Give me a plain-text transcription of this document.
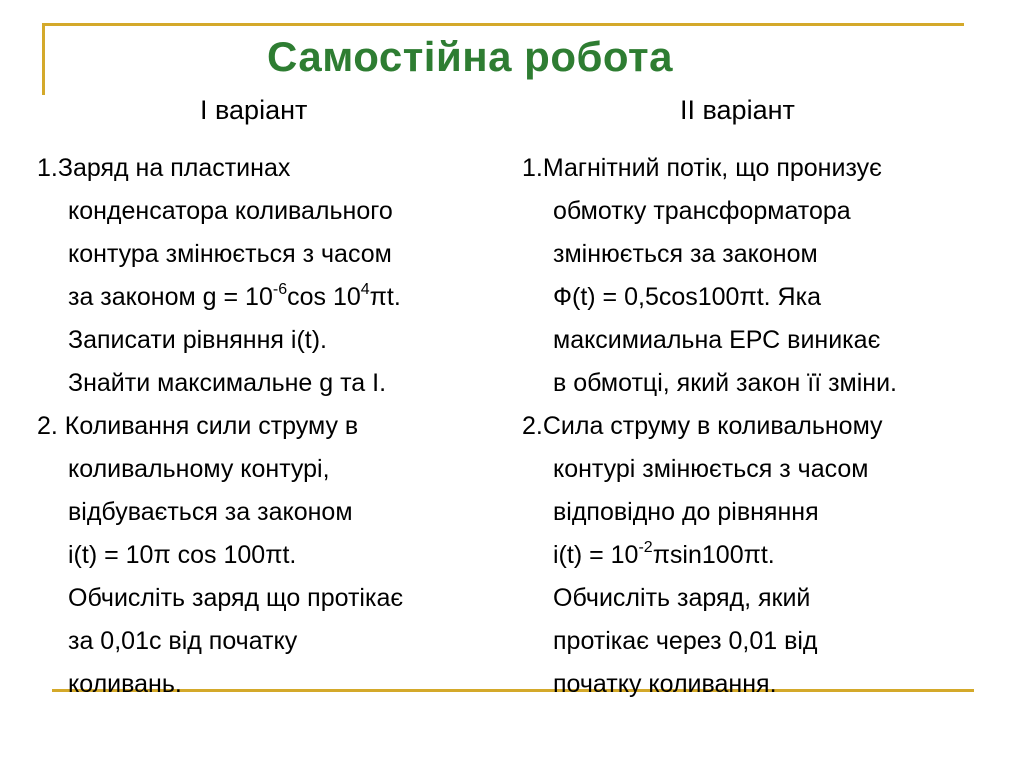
Самостійна робота
I варіант	II варіант
1.Заряд на пластинах
конденсатора коливального
контура змінюється з часом
за законом $g = 10^{-6}\cos$ $10^4\pi t$.
Записати рівняння і(t).
Знайти максимальне g та I.
2. Коливання сили струму в
коливальному контурі,
відбувається за законом
i(t) = 10π cos 100πt.
Обчисліть заряд що протікає
за 0,01с від початку
коливань.
1.Магнітний потік, що пронизує
обмотку трансформатора
змінюється за законом
Ф(t) = 0,5cos100πt. Яка
максимиальна ЕРС виникає
в обмотці, який закон її зміни.
2.Сила струму в коливальному
контурі змінюється з часом
відповідно до рівняння
$i(t) = 10^{-2}\pi\sin 100\pi t$.
Обчисліть заряд, який
протікає через 0,01 від
початку коливання.
